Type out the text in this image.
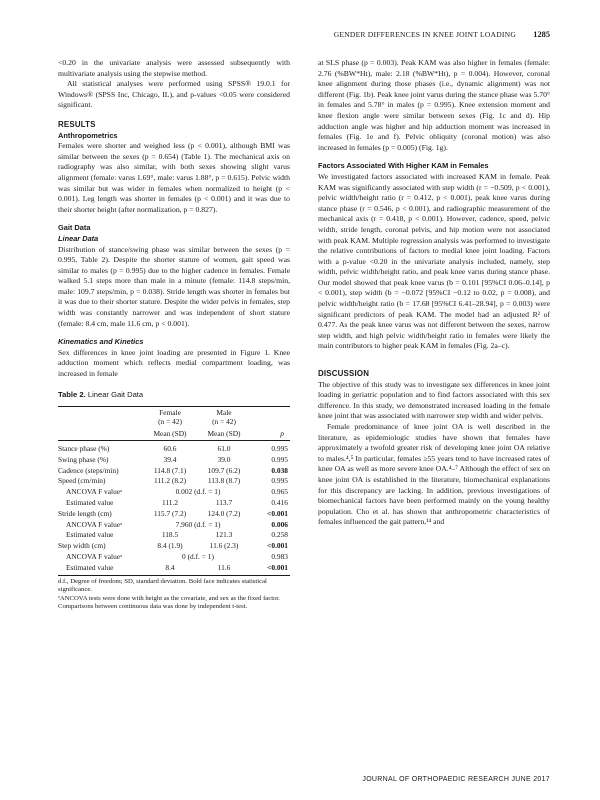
GENDER DIFFERENCES IN KNEE JOINT LOADING 1285

<0.20 in the univariate analysis were assessed subsequently with multivariate analysis using the stepwise method.

All statistical analyses were performed using SPSS® 19.0.1 for Windows® (SPSS Inc, Chicago, IL), and p-values <0.05 were considered significant.

RESULTS
Anthropometrics

Females were shorter and weighed less (p < 0.001), although BMI was similar between the sexes (p = 0.654) (Table 1). The mechanical axis on radiography was also similar, with both sexes showing slight varus alignment (female: varus 1.69°, male: varus 1.88°, p = 0.615). Pelvic width was similar but was wider in females when normalized to height (p < 0.001). Leg length was shorter in females (p < 0.001) and it was due to their shorter height (after normalization, p = 0.827).

Gait Data
Linear Data

Distribution of stance/swing phase was similar between the sexes (p = 0.995, Table 2). Despite the shorter stature of women, gait speed was similar to males (p = 0.995) due to the higher cadence in females. Female walked 5.1 steps more than male in a minute (female: 114.8 steps/min, male: 109.7 steps/min, p = 0.038). Stride length was shorter in females but it was due to their shorter stature. Despite the wider pelvis in females, step width was constantly narrower and was independent of short stature (female: 8.4 cm, male 11.6 cm, p < 0.001).

Kinematics and Kinetics

Sex differences in knee joint loading are presented in Figure 1. Knee adduction moment which reflects medial compartment loading, was increased in female

Table 2. Linear Gait Data
	Female
(n = 42)	Male
(n = 42)	
	Mean (SD)	Mean (SD)	p
Stance phase (%)	60.6	61.0	0.995
Swing phase (%)	39.4	39.0	0.995
Cadence (steps/min)	114.8 (7.1)	109.7 (6.2)	0.038
Speed (cm/min)	111.2 (8.2)	113.8 (8.7)	0.995
ANCOVA F valueᵃ	0.002 (d.f. = 1)		0.965
Estimated value	111.2	113.7	0.416
Stride length (cm)	115.7 (7.2)	124.0 (7.2)	<0.001
ANCOVA F valueᵃ	7.960 (d.f. = 1)		0.006
Estimated value	118.5	121.3	0.258
Step width (cm)	8.4 (1.9)	11.6 (2.3)	<0.001
ANCOVA F valueᵃ	0 (d.f. = 1)		0.983
Estimated value	8.4	11.6	<0.001
d.f., Degree of freedom; SD, standard deviation. Bold face indicates statistical significance.
ᵃANCOVA tests were done with height as the covariate, and sex as the fixed factor. Comparisons between continuous data was done by independent t-test.

at SLS phase (p = 0.003). Peak KAM was also higher in females (female: 2.76 (%BW*Ht), male: 2.18 (%BW*Ht), p = 0.004). However, coronal knee alignment during those phases (i.e., dynamic alignment) was not different (Fig. 1b). Peak knee joint varus during the stance phase was 5.70° in females and 5.78° in males (p = 0.995). Knee extension moment and knee flexion angle were similar between sexes (Fig. 1c and d). Hip adduction angle was higher and hip adduction moment was increased in females (Fig. 1e and f). Pelvic obliquity (coronal motion) was also increased in females (p = 0.005) (Fig. 1g).

Factors Associated With Higher KAM in Females

We investigated factors associated with increased KAM in female. Peak KAM was significantly associated with step width (r = −0.509, p < 0.001), pelvic width/height ratio (r = 0.412, p < 0.001), peak knee varus during stance phase (r = 0.546, p < 0.001), and radiographic measurement of the mechanical axis (r = 0.418, p < 0.001). However, cadence, speed, pelvic width, stride length, coronal pelvis, and hip motion were not associated with peak KAM. Multiple regression analysis was performed to investigate the relative contributions of factors to medial knee joint loading. Factors with a p-value <0.20 in the univariate analysis included, namely, step width, pelvic width/height ratio, and peak knee varus during stance phase. Our model showed that peak knee varus (b = 0.101 [95%CI 0.06–0.14], p < 0.001), step width (b = −0.072 [95%CI −0.12 to 0.02, p = 0.008), and pelvic width/height ratio (b = 17.68 [95%CI 6.41–28.94], p = 0.003) were significant predictors of peak KAM. The model had an adjusted R² of 0.477. As the peak knee varus was not different between the sexes, narrow step width, and high pelvic width/height ratio in females were likely the main contributors to higher peak KAM in females (Fig. 2a–c).

DISCUSSION

The objective of this study was to investigate sex differences in knee joint loading in geriatric population and to find factors associated with this sex difference. In this study, we demonstrated increased loading in the female knee joint that was associated with narrower step width and wider pelvis.

Female predominance of knee joint OA is well described in the literature, as epidemiologic studies have shown that females have approximately a twofold greater risk of developing knee joint OA relative to males.⁴,⁵ In particular, females ≥55 years tend to have increased rates of knee OA as well as more severe knee OA.⁴–⁷ Although the effect of sex on knee joint OA is established in the literature, biomechanical explanations for this discrepancy are lacking. In addition, previous investigations of biomechanical factors have been performed mainly on the young healthy population. Cho et al. has shown that anthropometric characteristics of females influenced the gait pattern,¹⁴ and

JOURNAL OF ORTHOPAEDIC RESEARCH JUNE 2017
